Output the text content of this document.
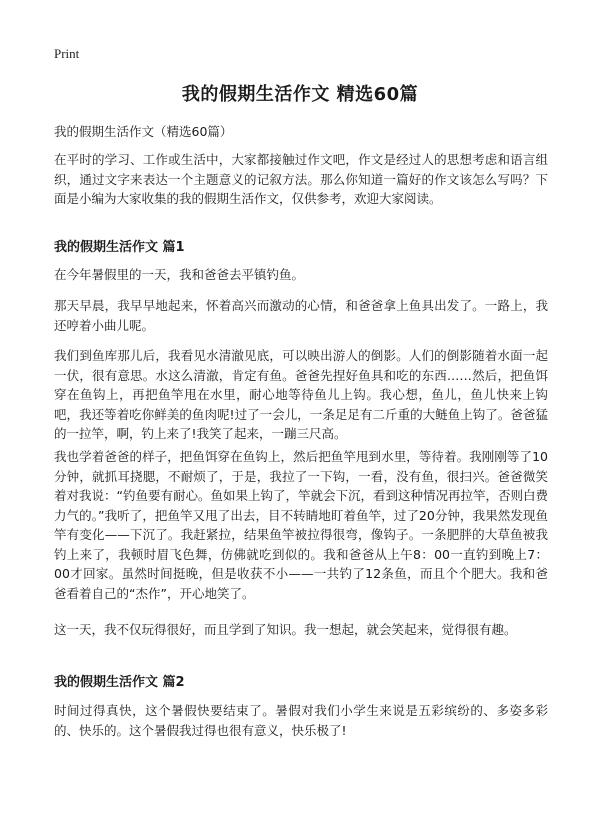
Print
我的假期生活作文 精选60篇
我的假期生活作文（精选60篇）

在平时的学习、工作或生活中，大家都接触过作文吧，作文是经过人的思想考虑和语言组织，通过文字来表达一个主题意义的记叙方法。那么你知道一篇好的作文该怎么写吗？下面是小编为大家收集的我的假期生活作文，仅供参考，欢迎大家阅读。

我的假期生活作文 篇1

在今年暑假里的一天，我和爸爸去平镇钓鱼。

那天早晨，我早早地起来，怀着高兴而激动的心情，和爸爸拿上鱼具出发了。一路上，我还哼着小曲儿呢。

我们到鱼库那儿后，我看见水清澈见底，可以映出游人的倒影。人们的倒影随着水面一起一伏，很有意思。水这么清澈，肯定有鱼。爸爸先捏好鱼具和吃的东西……然后，把鱼饵穿在鱼钩上，再把鱼竿甩在水里，耐心地等待鱼儿上钩。我心想，鱼儿，鱼儿快来上钩吧，我还等着吃你鲜美的鱼肉呢!过了一会儿，一条足足有二斤重的大鲢鱼上钩了。爸爸猛的一拉竿，啊，钓上来了!我笑了起来，一蹦三尺高。

我也学着爸爸的样子，把鱼饵穿在鱼钩上，然后把鱼竿甩到水里，等待着。我刚刚等了10分钟，就抓耳挠腮，不耐烦了，于是，我拉了一下钩，一看，没有鱼，很扫兴。爸爸微笑着对我说：“钓鱼要有耐心。鱼如果上钩了，竿就会下沉，看到这种情况再拉竿，否则白费力气的。”我听了，把鱼竿又甩了出去，目不转睛地盯着鱼竿，过了20分钟，我果然发现鱼竿有变化——下沉了。我赶紧拉，结果鱼竿被拉得很弯，像钩子。一条肥胖的大草鱼被我钓上来了，我顿时眉飞色舞，仿佛就吃到似的。我和爸爸从上午8：00一直钓到晚上7：00才回家。虽然时间挺晚，但是收获不小——一共钓了12条鱼，而且个个肥大。我和爸爸看着自己的“杰作”，开心地笑了。

这一天，我不仅玩得很好，而且学到了知识。我一想起，就会笑起来，觉得很有趣。

我的假期生活作文 篇2

时间过得真快，这个暑假快要结束了。暑假对我们小学生来说是五彩缤纷的、多姿多彩的、快乐的。这个暑假我过得也很有意义，快乐极了!
